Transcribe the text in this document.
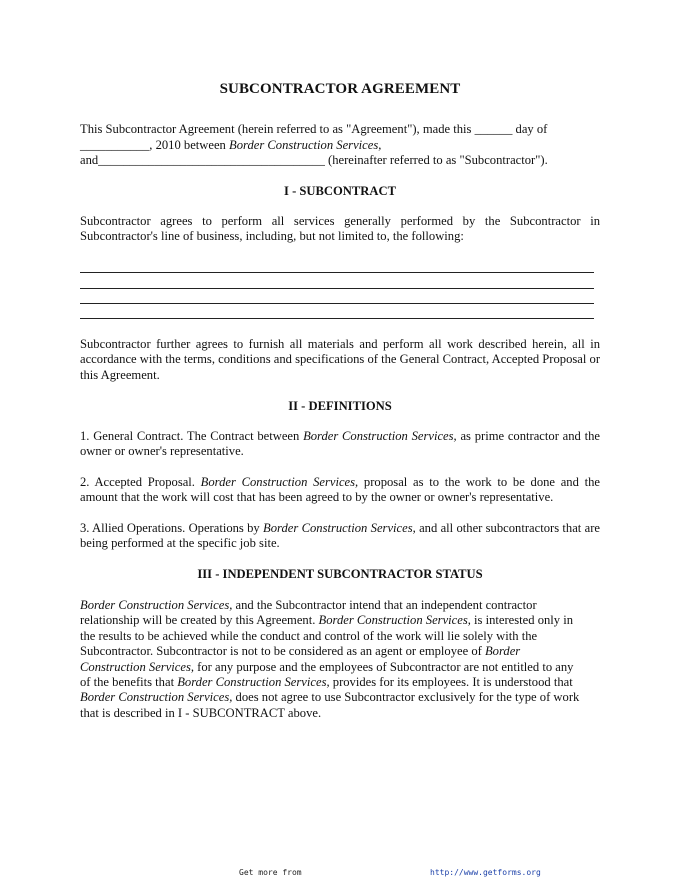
SUBCONTRACTOR AGREEMENT

This Subcontractor Agreement (herein referred to as "Agreement"), made this ______ day of

___________, 2010 between Border Construction Services,

and____________________________________ (hereinafter referred to as "Subcontractor").

I - SUBCONTRACT

Subcontractor agrees to perform all services generally performed by the Subcontractor in Subcontractor's line of business, including, but not limited to, the following:

Subcontractor further agrees to furnish all materials and perform all work described herein, all in accordance with the terms, conditions and specifications of the General Contract, Accepted Proposal or this Agreement.

II - DEFINITIONS

1. General Contract. The Contract between Border Construction Services, as prime contractor and the owner or owner's representative.

2. Accepted Proposal. Border Construction Services, proposal as to the work to be done and the amount that the work will cost that has been agreed to by the owner or owner's representative.

3. Allied Operations. Operations by Border Construction Services, and all other subcontractors that are being performed at the specific job site.

III - INDEPENDENT SUBCONTRACTOR STATUS

Border Construction Services, and the Subcontractor intend that an independent contractor relationship will be created by this Agreement. Border Construction Services, is interested only in the results to be achieved while the conduct and control of the work will lie solely with the Subcontractor. Subcontractor is not to be considered as an agent or employee of Border Construction Services, for any purpose and the employees of Subcontractor are not entitled to any of the benefits that Border Construction Services, provides for its employees. It is understood that Border Construction Services, does not agree to use Subcontractor exclusively for the type of work that is described in I - SUBCONTRACT above.

Get more from	http://www.getforms.org
